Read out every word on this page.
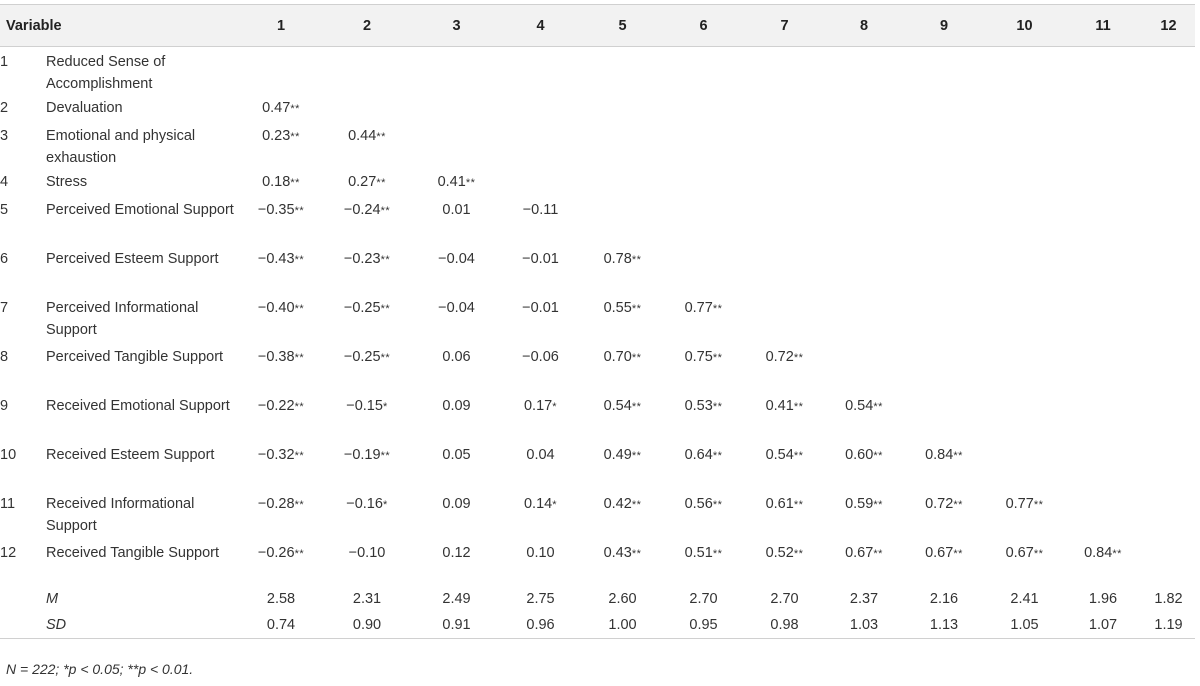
Variable		1	2	3	4	5	6	7	8	9	10	11	12
1	Reduced Sense of Accomplishment												
2	Devaluation	0.47**											
3	Emotional and physical exhaustion	0.23**	0.44**										
4	Stress	0.18**	0.27**	0.41**									
5	Perceived Emotional Support	−0.35**	−0.24**	0.01	−0.11								
6	Perceived Esteem Support	−0.43**	−0.23**	−0.04	−0.01	0.78**							
7	Perceived Informational Support	−0.40**	−0.25**	−0.04	−0.01	0.55**	0.77**						
8	Perceived Tangible Support	−0.38**	−0.25**	0.06	−0.06	0.70**	0.75**	0.72**					
9	Received Emotional Support	−0.22**	−0.15*	0.09	0.17*	0.54**	0.53**	0.41**	0.54**				
10	Received Esteem Support	−0.32**	−0.19**	0.05	0.04	0.49**	0.64**	0.54**	0.60**	0.84**			
11	Received Informational Support	−0.28**	−0.16*	0.09	0.14*	0.42**	0.56**	0.61**	0.59**	0.72**	0.77**		
12	Received Tangible Support	−0.26**	−0.10	0.12	0.10	0.43**	0.51**	0.52**	0.67**	0.67**	0.67**	0.84**	
	M	2.58	2.31	2.49	2.75	2.60	2.70	2.70	2.37	2.16	2.41	1.96	1.82
	SD	0.74	0.90	0.91	0.96	1.00	0.95	0.98	1.03	1.13	1.05	1.07	1.19
N = 222; *p < 0.05; **p < 0.01.
